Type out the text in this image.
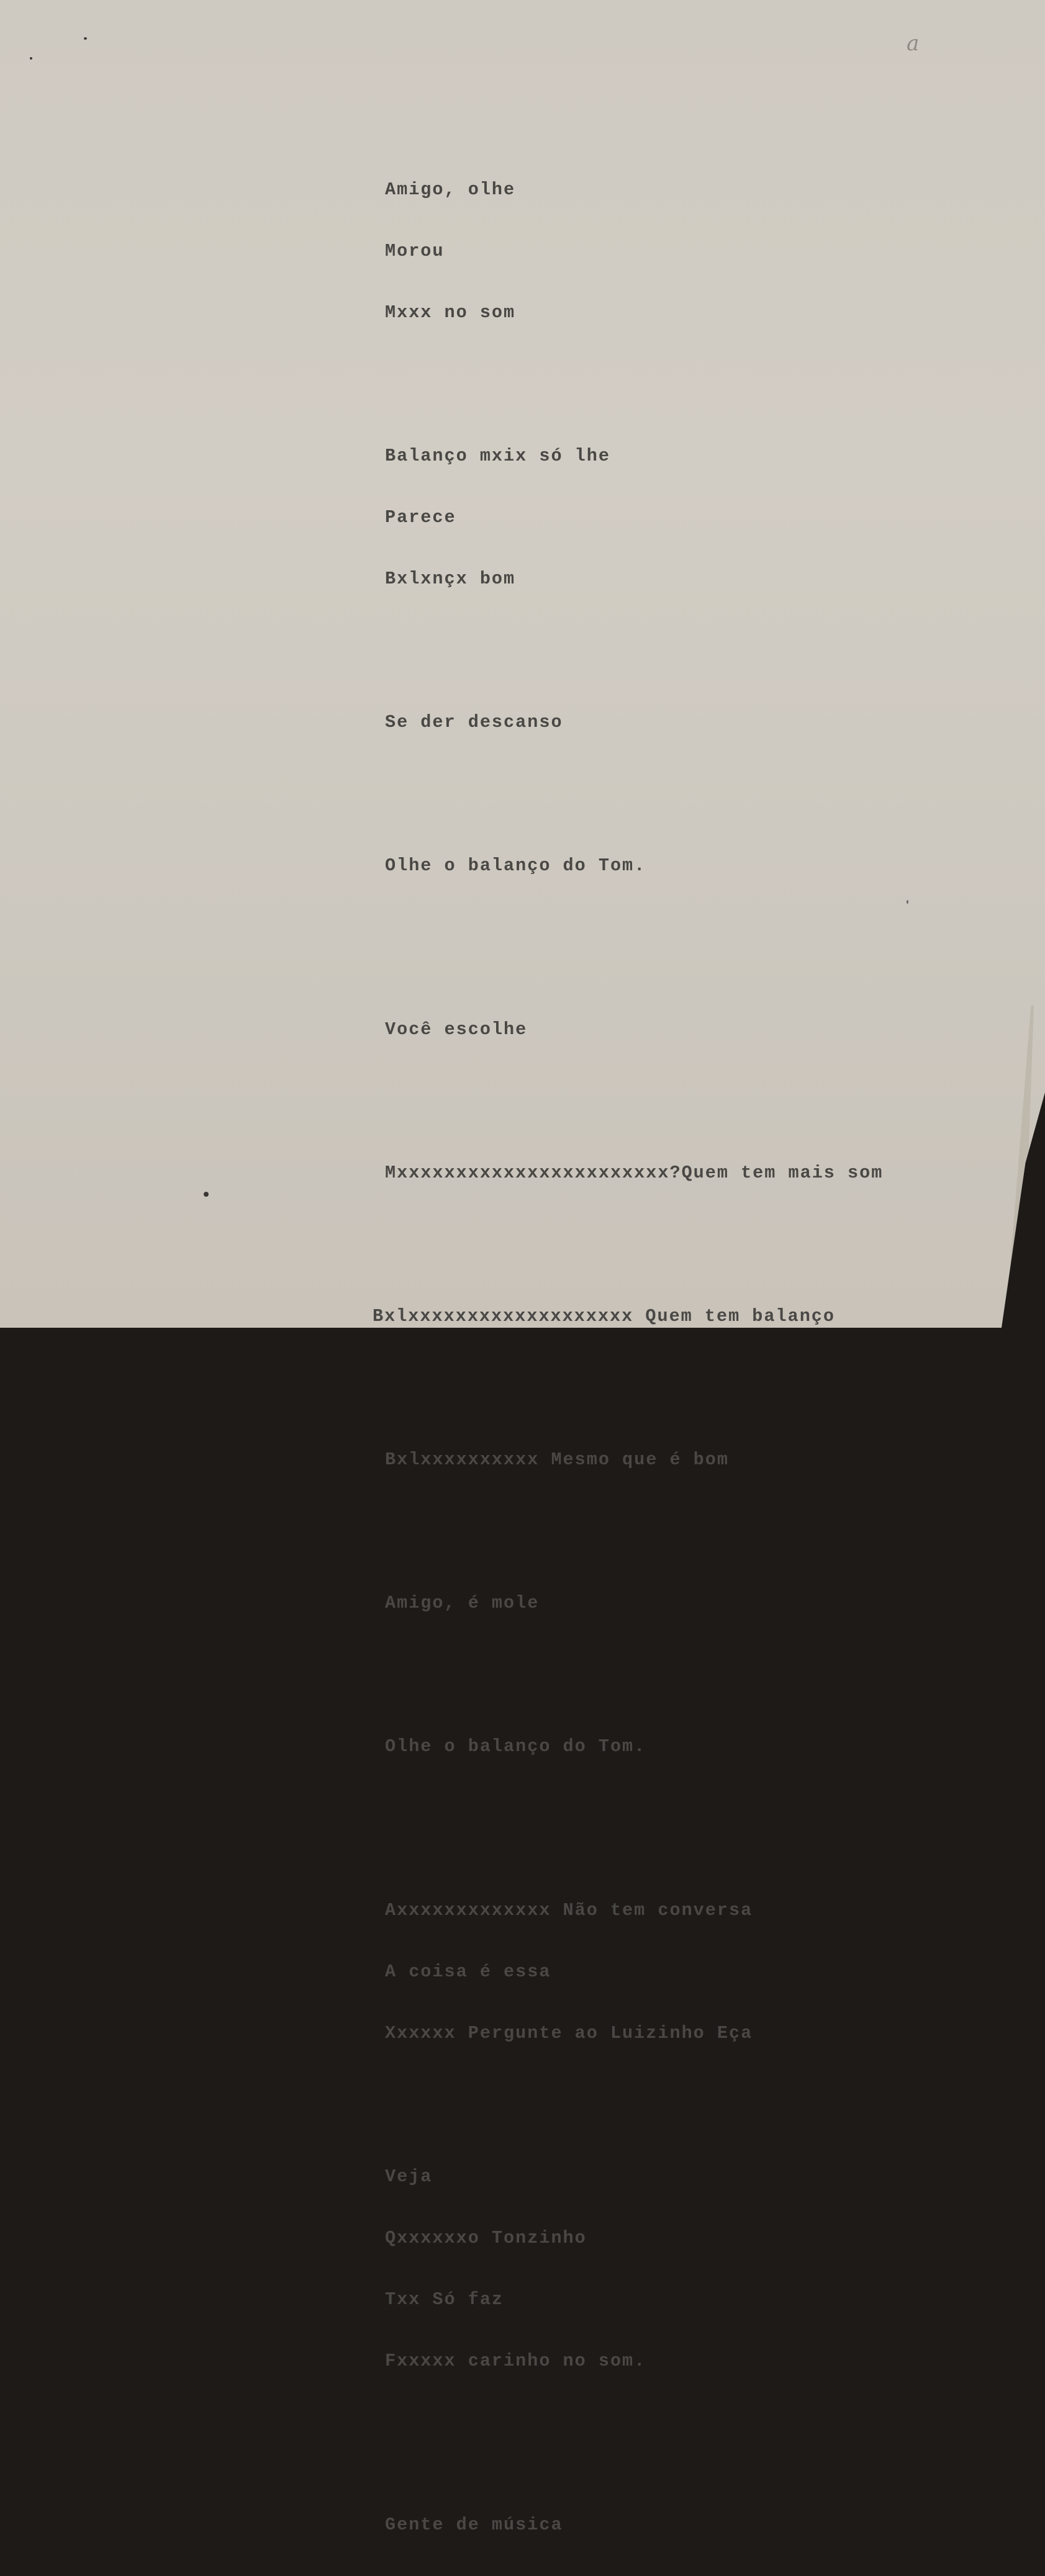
a

Amigo, olhe

Morou

Mxxx no som

Balanço mxix só lhe

Parece

Bxlxnçx bom

Se der descanso

Olhe o balanço do Tom.

Você escolhe

Mxxxxxxxxxxxxxxxxxxxxxxx?Quem tem mais som

Bxlxxxxxxxxxxxxxxxxxxx Quem tem balanço

Bxlxxxxxxxxxx Mesmo que é bom

Amigo, é mole

Olhe o balanço do Tom.

Axxxxxxxxxxxxx Não tem conversa

A coisa é essa

Xxxxxx Pergunte ao Luizinho Eça

Veja

Qxxxxxxo Tonzinho

Txx Só faz

Fxxxxx carinho no som.

Gente de música
